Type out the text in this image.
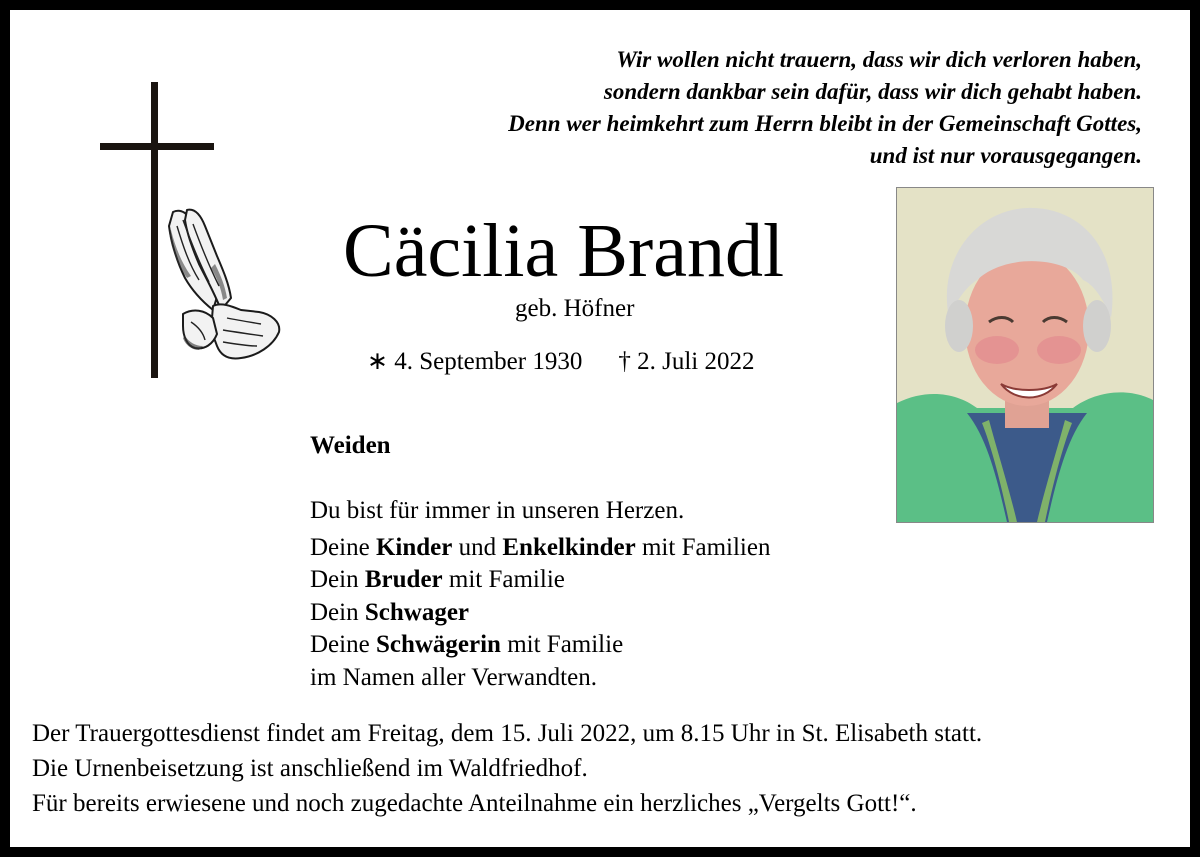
Wir wollen nicht trauern, dass wir dich verloren haben,
sondern dankbar sein dafür, dass wir dich gehabt haben.
Denn wer heimkehrt zum Herrn bleibt in der Gemeinschaft Gottes,
und ist nur vorausgegangen.
Cäcilia Brandl
geb. Höfner
∗ 4. September 1930 † 2. Juli 2022
Weiden
Du bist für immer in unseren Herzen.
Deine Kinder und Enkelkinder mit Familien
Dein Bruder mit Familie
Dein Schwager
Deine Schwägerin mit Familie
im Namen aller Verwandten.
Der Trauergottesdienst findet am Freitag, dem 15. Juli 2022, um 8.15 Uhr in St. Elisabeth statt.
Die Urnenbeisetzung ist anschließend im Waldfriedhof.
Für bereits erwiesene und noch zugedachte Anteilnahme ein herzliches „Vergelts Gott!“.
